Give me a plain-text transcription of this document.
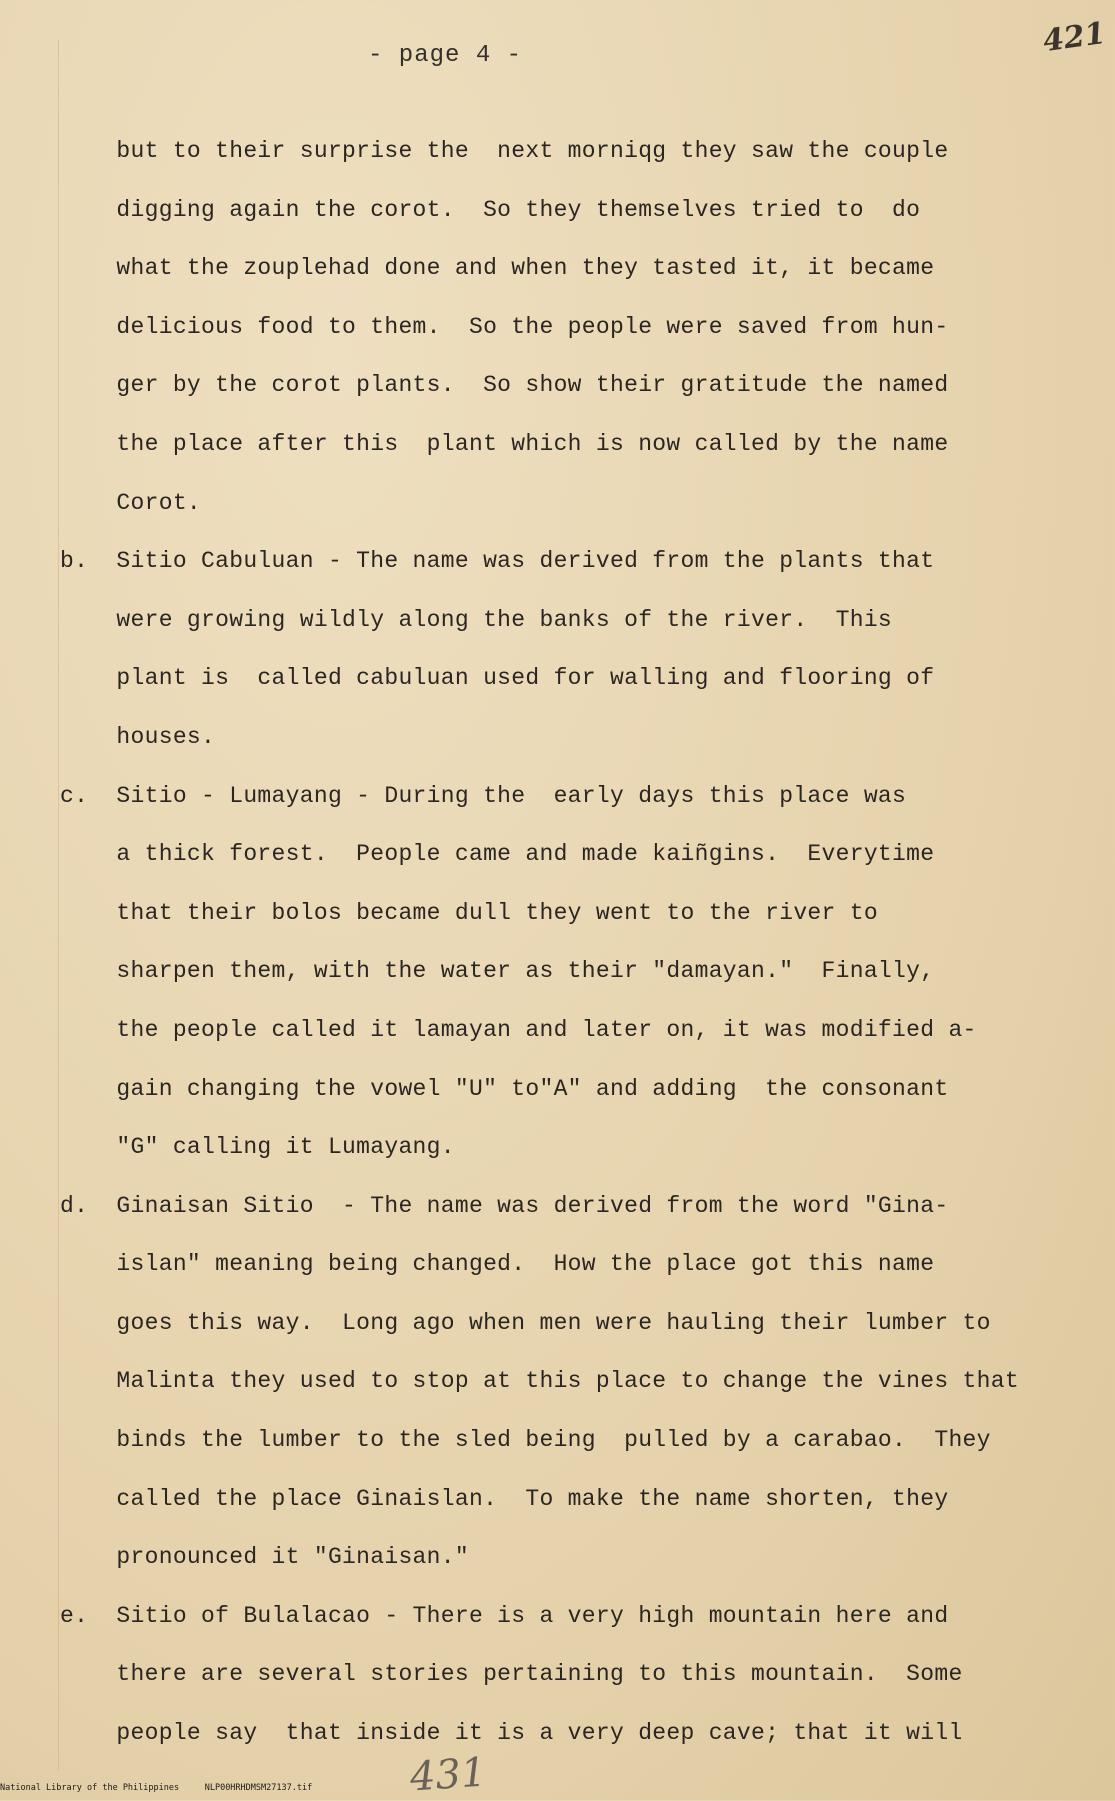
- page 4 -	421
but to their surprise the  next morniqg they saw the couple
digging again the corot.  So they themselves tried to  do
what the zouplehad done and when they tasted it, it became
delicious food to them.  So the people were saved from hun-
ger by the corot plants.  So show their gratitude the named
the place after this  plant which is now called by the name
Corot.
b.  Sitio Cabuluan - The name was derived from the plants that
were growing wildly along the banks of the river.  This
plant is  called cabuluan used for walling and flooring of
houses.
c.  Sitio - Lumayang - During the  early days this place was
a thick forest.  People came and made kaiñgins.  Everytime
that their bolos became dull they went to the river to
sharpen them, with the water as their "damayan."  Finally,
the people called it lamayan and later on, it was modified a-
gain changing the vowel "U" to"A" and adding  the consonant
"G" calling it Lumayang.
d.  Ginaisan Sitio  - The name was derived from the word "Gina-
islan" meaning being changed.  How the place got this name
goes this way.  Long ago when men were hauling their lumber to
Malinta they used to stop at this place to change the vines that
binds the lumber to the sled being  pulled by a carabao.  They
called the place Ginaislan.  To make the name shorten, they
pronounced it "Ginaisan."
e.  Sitio of Bulalacao - There is a very high mountain here and
there are several stories pertaining to this mountain.  Some
people say  that inside it is a very deep cave; that it will
431
National Library of the Philippines	NLP00HRHDMSM27137.tif
